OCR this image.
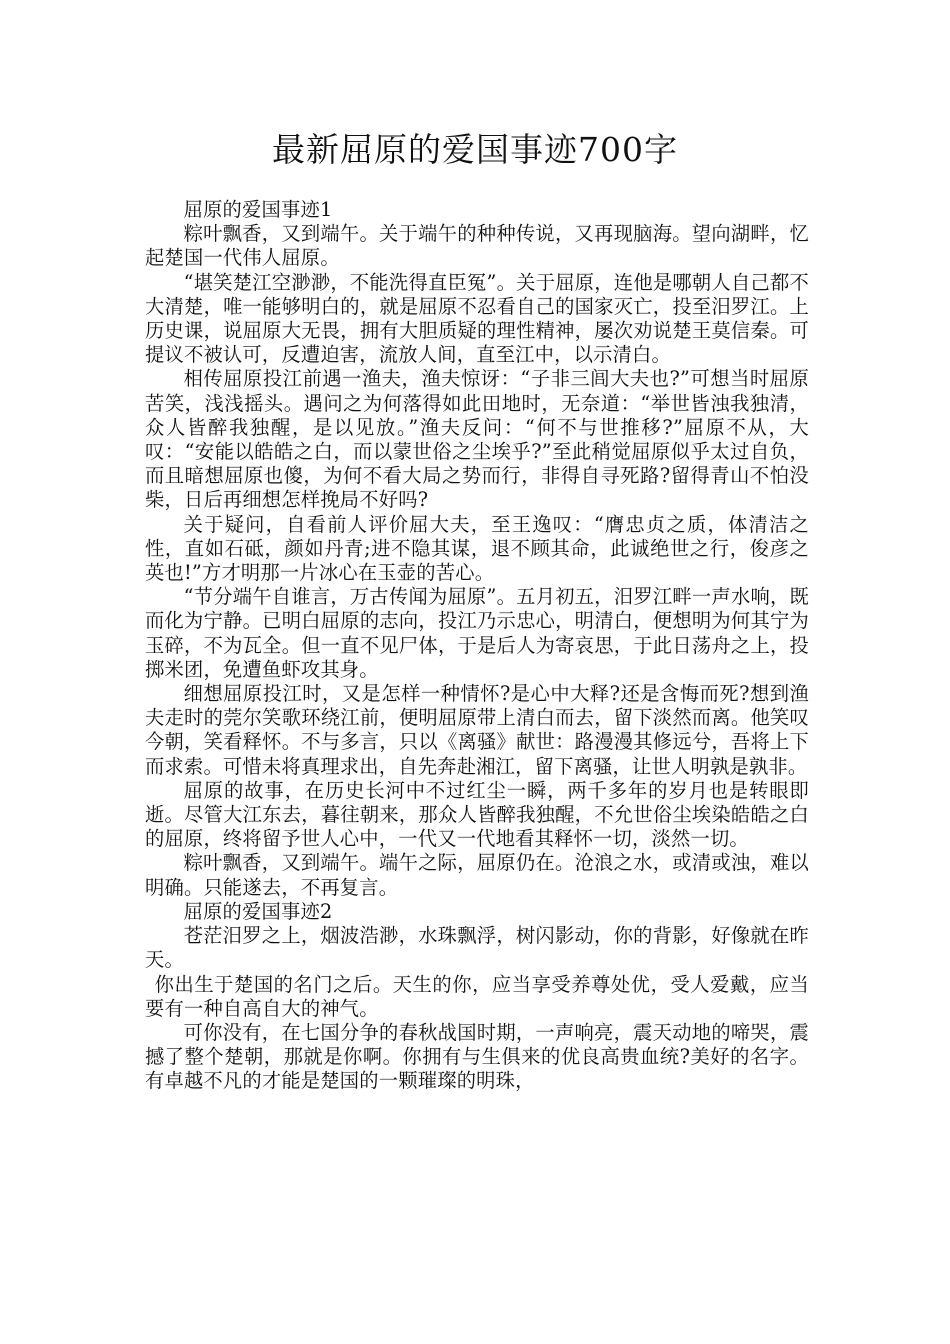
最新屈原的爱国事迹700字

屈原的爱国事迹1

粽叶飘香，又到端午。关于端午的种种传说，又再现脑海。望向湖畔，忆起楚国一代伟人屈原。

“堪笑楚江空渺渺，不能洗得直臣冤”。关于屈原，连他是哪朝人自己都不大清楚，唯一能够明白的，就是屈原不忍看自己的国家灭亡，投至汨罗江。上历史课，说屈原大无畏，拥有大胆质疑的理性精神，屡次劝说楚王莫信秦。可提议不被认可，反遭迫害，流放人间，直至江中，以示清白。

相传屈原投江前遇一渔夫，渔夫惊讶：“子非三闾大夫也?”可想当时屈原苦笑，浅浅摇头。遇问之为何落得如此田地时，无奈道：“举世皆浊我独清，众人皆醉我独醒，是以见放。”渔夫反问：“何不与世推移?”屈原不从，大叹：“安能以皓皓之白，而以蒙世俗之尘埃乎?”至此稍觉屈原似乎太过自负，而且暗想屈原也傻，为何不看大局之势而行，非得自寻死路?留得青山不怕没柴，日后再细想怎样挽局不好吗?

关于疑问，自看前人评价屈大夫，至王逸叹：“膺忠贞之质，体清洁之性，直如石砥，颜如丹青;进不隐其谋，退不顾其命，此诚绝世之行，俊彦之英也!”方才明那一片冰心在玉壶的苦心。

“节分端午自谁言，万古传闻为屈原”。五月初五，汨罗江畔一声水响，既而化为宁静。已明白屈原的志向，投江乃示忠心，明清白，便想明为何其宁为玉碎，不为瓦全。但一直不见尸体，于是后人为寄哀思，于此日荡舟之上，投掷米团，免遭鱼虾攻其身。

细想屈原投江时，又是怎样一种情怀?是心中大释?还是含悔而死?想到渔夫走时的莞尔笑歌环绕江前，便明屈原带上清白而去，留下淡然而离。他笑叹今朝，笑看释怀。不与多言，只以《离骚》献世：路漫漫其修远兮，吾将上下而求索。可惜未将真理求出，自先奔赴湘江，留下离骚，让世人明孰是孰非。

屈原的故事，在历史长河中不过红尘一瞬，两千多年的岁月也是转眼即逝。尽管大江东去，暮往朝来，那众人皆醉我独醒，不允世俗尘埃染皓皓之白的屈原，终将留予世人心中，一代又一代地看其释怀一切，淡然一切。

粽叶飘香，又到端午。端午之际，屈原仍在。沧浪之水，或清或浊，难以明确。只能遂去，不再复言。

屈原的爱国事迹2

苍茫汨罗之上，烟波浩渺，水珠飘浮，树闪影动，你的背影，好像就在昨天。

你出生于楚国的名门之后。天生的你，应当享受养尊处优，受人爱戴，应当要有一种自高自大的神气。

可你没有，在七国分争的春秋战国时期，一声响亮，震天动地的啼哭，震撼了整个楚朝，那就是你啊。你拥有与生俱来的优良高贵血统?美好的名字。有卓越不凡的才能是楚国的一颗璀璨的明珠，
